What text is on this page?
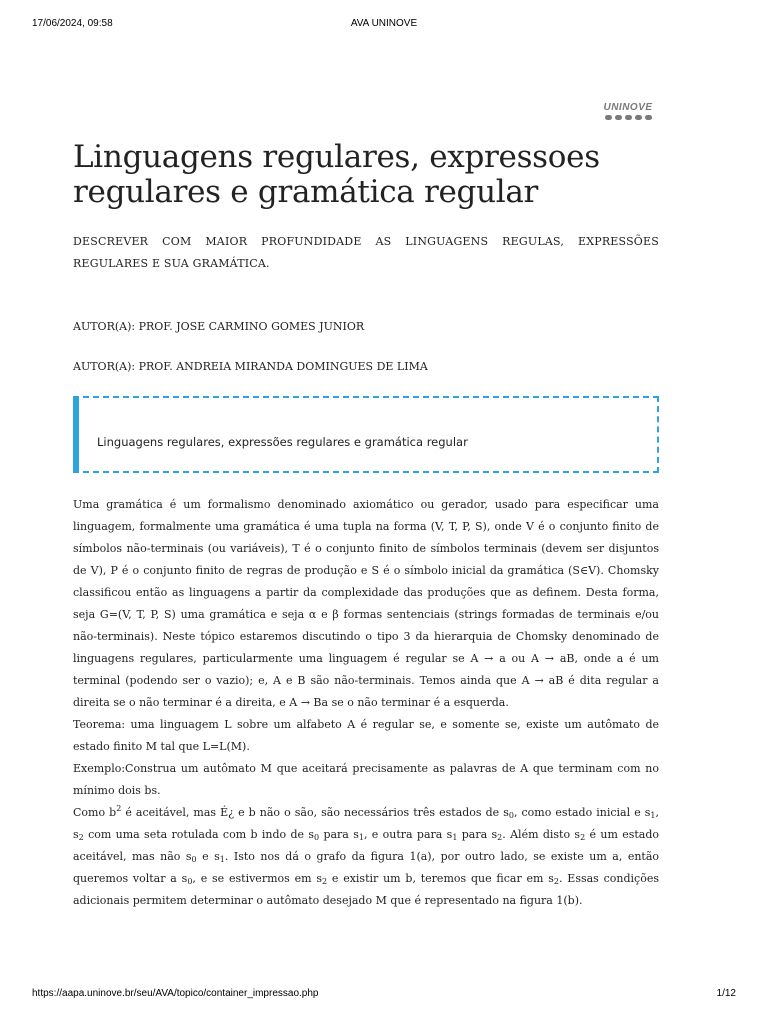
17/06/2024, 09:58	AVA UNINOVE
UNINOVE
Linguagens regulares, expressoes regulares e gramática regular
DESCREVER COM MAIOR PROFUNDIDADE AS LINGUAGENS REGULAS, EXPRESSÕES REGULARES E SUA GRAMÁTICA.
AUTOR(A): PROF. JOSE CARMINO GOMES JUNIOR
AUTOR(A): PROF. ANDREIA MIRANDA DOMINGUES DE LIMA
Linguagens regulares, expressões regulares e gramática regular

Uma gramática é um formalismo denominado axiomático ou gerador, usado para especificar uma linguagem, formalmente uma gramática é uma tupla na forma (V, T, P, S), onde V é o conjunto finito de símbolos não-terminais (ou variáveis), T é o conjunto finito de símbolos terminais (devem ser disjuntos de V), P é o conjunto finito de regras de produção e S é o símbolo inicial da gramática (S∈V). Chomsky classificou então as linguagens a partir da complexidade das produções que as definem. Desta forma, seja G=(V, T, P, S) uma gramática e seja α e β formas sentenciais (strings formadas de terminais e/ou não-terminais). Neste tópico estaremos discutindo o tipo 3 da hierarquia de Chomsky denominado de linguagens regulares, particularmente uma linguagem é regular se A → a ou A → aB, onde a é um terminal (podendo ser o vazio); e, A e B são não-terminais. Temos ainda que A → aB é dita regular a direita se o não terminar é a direita, e A → Ba se o não terminar é a esquerda.

Teorema: uma linguagem L sobre um alfabeto A é regular se, e somente se, existe um autômato de estado finito M tal que L=L(M).

Exemplo:Construa um autômato M que aceitará precisamente as palavras de A que terminam com no mínimo dois bs.

Como $b^2$ é aceitável, mas É¿ e b não o são, são necessários três estados de $s_0$, como estado inicial e $s_1$, $s_2$ com uma seta rotulada com b indo de $s_0$ para $s_1$, e outra para $s_1$ para $s_2$. Além disto $s_2$ é um estado aceitável, mas não $s_0$ e $s_1$. Isto nos dá o grafo da figura 1(a), por outro lado, se existe um a, então queremos voltar a $s_0$, e se estivermos em $s_2$ e existir um b, teremos que ficar em $s_2$. Essas condições adicionais permitem determinar o autômato desejado M que é representado na figura 1(b).

https://aapa.uninove.br/seu/AVA/topico/container_impressao.php	1/12
